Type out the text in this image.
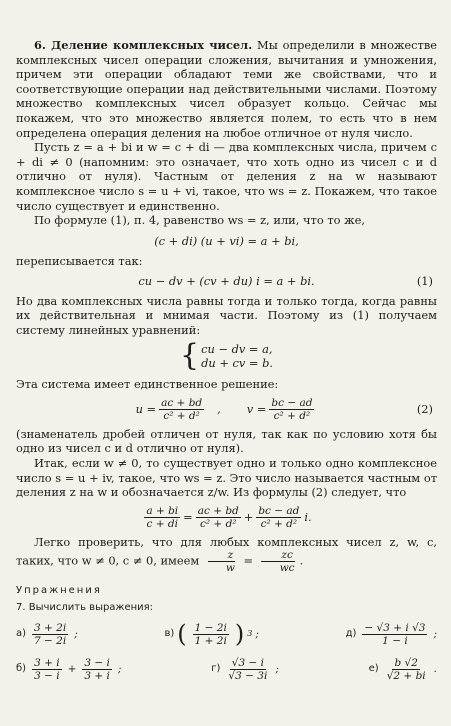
6. Деление комплексных чисел. Мы определили в множестве комплексных чисел операции сложения, вычитания и умножения, причем эти операции обладают теми же свойствами, что и соответствующие операции над действительными числами. Поэтому множество комплексных чисел образует кольцо. Сейчас мы покажем, что это множество является полем, то есть что в нем определена операция деления на любое отличное от нуля число.

Пусть z = a + bi и w = c + di — два комплексных числа, причем c + di ≠ 0 (напомним: это означает, что хоть одно из чисел c и d отлично от нуля). Частным от деления z на w называют комплексное число s = u + vi, такое, что ws = z. Покажем, что такое число существует и единственно.

По формуле (1), п. 4, равенство ws = z, или, что то же,

(c + di) (u + vi) = a + bi,

переписывается так:

cu − dv + (cv + du) i = a + bi.	(1)

Но два комплексных числа равны тогда и только тогда, когда равны их действительная и мнимая части. Поэтому из (1) получаем систему линейных уравнений:

{ cu − dv = a,
du + cv = b.

Эта система имеет единственное решение:

$u = \frac{ac + bd}{\text{c² + d²}}$ , $v = \frac{bc - ad}{\text{c² + d²}}$	(2)

(знаменатель дробей отличен от нуля, так как по условию хотя бы одно из чисел c и d отлично от нуля).

Итак, если w ≠ 0, то существует одно и только одно комплексное число s = u + iv, такое, что ws = z. Это число называется частным от деления z на w и обозначается z/w. Из формулы (2) следует, что

$\frac{a + bi}{c + di} = \frac{ac + bd}{\text{c² + d²}} + \frac{bc - ad}{\text{c² + d²}} i$.

Легко проверить, что для любых комплексных чисел z, w, c, таких, что w ≠ 0, c ≠ 0, имеем $\frac{z}{w} = \frac{zc}{wc}$ .

Упражнения
7. Вычислить выражения:
$а) \frac{3 + 2i}{7 - 2i}$ ;	в) ( $\frac{1 - 2i}{1 + 2i}$ ) 3 ;	$д) \frac{- √3 + i √3}{1 - i}$ ;
$б) \frac{3 + i}{3 - i} + \frac{3 - i}{3 + i}$ ;	$г) \frac{√3 - i}{√3 - 3i}$ ;	$е) \frac{b √2}{√2 + bi}$ .
